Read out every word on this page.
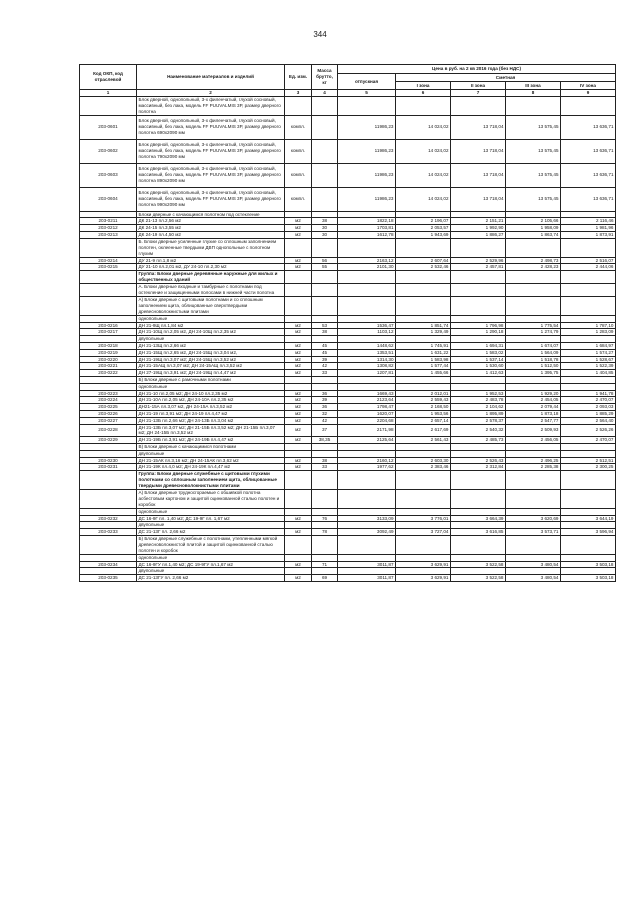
344
Код ОКП, код отраслевой	Наименование материалов и изделий	Ед. изм.	Масса брутто, кг	Цена в руб. на 2 кв 2016 года (без НДС)				
				отпускная	Сметная			
					I зона	II зона	III зона	IV зона
1	2	3	4	5	6	7	8	9
	Блок дверной, однопольный, 3-х филенчатый, глухой сосновый, массивный, без лака, модель FF PUUVALMIS 3P, размер дверного полотна							
203-0601	Блок дверной, однопольный, 3-х филенчатый, глухой сосновый, массивный, без лака, модель FF PUUVALMIS 3P, размер дверного полотна 690х2090 мм	компл.		11986,23	14 024,02	13 718,04	13 575,45	13 636,71
203-0602	Блок дверной, однопольный, 3-х филенчатый, глухой сосновый, массивный, без лака, модель FF PUUVALMIS 3P, размер дверного полотна 790х2090 мм	компл.		11986,23	14 024,02	13 718,04	13 575,45	13 636,71
203-0603	Блок дверной, однопольный, 3-х филенчатый, глухой сосновый, массивный, без лака, модель FF PUUVALMIS 3P, размер дверного полотна 890х2090 мм	компл.		11986,23	14 024,02	13 718,04	13 575,45	13 636,71
203-0604	Блок дверной, однопольный, 3-х филенчатый, глухой сосновый, массивный, без лака, модель FF PUUVALMIS 3P, размер дверного полотна 990х2090 мм	компл.		11986,23	14 024,02	13 718,04	13 575,45	13 636,71
	Блоки дверные с качающимся полотном под остекление							
203-0211	ДК 21-13 пл.2,56 м2	м2	38	1822,18	2 196,07	2 151,21	2 105,66	2 116,46
203-0212	ДК 24-15 пл.3,55 м2	м2	30	1703,81	2 053,57	1 992,90	1 958,09	1 981,96
203-0213	ДК 24-19 пл.4,50 м2	м2	30	1612,78	1 943,69	1 886,27	1 863,74	1 873,91
	Б. Блоки дверные усиленные глухие со сплошным заполнением полотен, оклеенные твердыми ДВП однопольные с полотном глухим							
203-0214	ДУ 21-9 пл.1,8 м2	м2	56	2163,12	2 607,64	2 529,96	2 498,73	2 516,07
203-0215	ДУ 21-10 пл.2,01 м2, ДУ 24-10 пл.2,30 м2	м2	55	2101,30	2 532,46	2 457,81	2 428,23	2 444,06
	Группа: Блоки дверные деревянные наружные для жилых и общественных зданий							
	А. Блоки дверные входные и тамбурные с полотнами под остекление и защищенными полосами в нижней части полотна							
	А) Блоки дверные с щитовыми полотнами и со сплошным заполнением щита, облицованные сверхтвердыми древесноволокнистыми плитами							
	однопольные							
203-0216	ДН 21-9Щ пл.1,84 м2	м2	53	1536,47	1 851,74	1 796,98	1 775,54	1 787,10
203-0217	ДН 21-10Щ пл.2,05 м2, ДН 24-10Щ пл.2,35 м2	м2	38	1103,12	1 329,49	1 290,18	1 274,79	1 283,09
	двупольные							
203-0218	ДН 21-13Щ пл.2,66 м2	м2	45	1448,62	1 745,91	1 694,31	1 674,07	1 684,97
203-0219	ДН 21-15Щ пл.2,65 м2, ДН 24-15Щ пл.3,04 м2,	м2	45	1353,51	1 631,22	1 583,02	1 564,09	1 574,27
203-0220	ДН 21-19Щ пл.3,07 м2; ДН 24-15Щ пл.3,52 м2	м2	39	1314,30	1 583,98	1 537,14	1 518,78	1 528,67
203-0221	ДН 21-15АЩ пл.3,07 м2; ДН 24-15АЩ пл.3,52 м2	м2	42	1308,82	1 577,44	1 530,60	1 512,50	1 522,39
203-0222	ДН 27-19Щ пл.3,91 м2; ДН 24-19Щ пл.4,47 м2	м2	33	1207,81	1 455,66	1 412,63	1 395,75	1 404,85
	Б) Блоки дверные с рамочными полотнами							
	однопольные							
203-0223	ДН 21-10 пл.2,05 м2; ДН 24-10 пл.2,35 м2	м2	36	1669,43	2 012,01	1 952,53	1 929,20	1 941,78
203-0224	ДН 21-10А пл.2,05 м2, ДН 24-10А пл.2,35 м2	м2	39	2123,64	2 559,43	2 483,78	2 454,05	2 470,07
203-0225	ДН21-15А пл.3,07 м2, ДН 24-15А пл.3,52 м2	м2	36	1798,47	2 168,50	2 104,62	2 079,44	2 093,03
203-0226	ДН 21-19 пл.3,91 м2; ДН 24-19 пл.4,47 м2	м2	32	1620,07	1 953,56	1 895,89	1 873,18	1 885,29
203-0227	ДН 21-13Б пл.2,66 м2; ДН 24-13Б пл.3,04 м2	м2	42	2204,68	2 657,14	2 578,37	2 547,77	2 564,40
203-0228	ДН 21-13Б пл.3,07 м2; ДН 21-15Б пл.3,52 м2; ДН 21-15Б пл.3,07 м2; ДН 24-15Б пл.3,52 м2	м2	37	2171,98	2 617,69	2 540,32	2 509,93	2 526,26
203-0229	ДН 21-19Б пл.3,91 м2; ДН 24-19Б пл.4,47 м2	м2	38,35	2125,64	2 561,43	2 485,73	2 456,05	2 470,07
	В) Блоки дверные с качающимися полотнами							
	двупольные							
203-0230	ДН 21-15АК пл.3,16 м2; ДН 24-15АК пл.3,62 м2	м2	38	2160,12	2 603,30	2 526,43	2 496,25	2 512,51
203-0231	ДН 21-19К пл.4,0 м2; ДН 24-19К пл.4,47 м2	м2	33	1977,62	2 383,46	2 312,84	2 285,38	2 300,25
	Группа: Блоки дверные служебные с щитовыми глухими полотнами со сплошным заполнением щита, облицованные твердыми древесноволокнистыми плитами							
	А) Блоки дверные трудносгораемые с обшивкой полотна асбестовым картоном и защитой оцинкованной сталью полотен и коробок							
	однопольные							
203-0232	ДС 16-9Г пл. 1,40 м2; ДС 19-9Г пл. 1,67 м2	м2	76	3133,09	3 776,01	3 664,39	3 620,69	3 644,19
	двупольные							
203-0233	ДС 21-13Г пл. 2,66 м2	м2	78	3092,49	3 727,04	3 616,85	3 573,71	3 596,94
	Б) Блоки дверные служебные с полотнами, утепленными мягкой древесноволокнистой плитой и защитой оцинкованной сталью полотен и коробок							
	однопольные							
203-0234	ДС 16-9ГУ пл.1,40 м2; ДС 19-9ГУ пл.1,67 м2	м2	71	3011,87	3 629,91	3 522,58	3 480,54	3 503,18
	двупольные							
203-0235	ДС 21-13ГУ пл. 2,66 м2	м2	69	3011,87	3 629,91	3 522,58	3 480,54	3 503,18
